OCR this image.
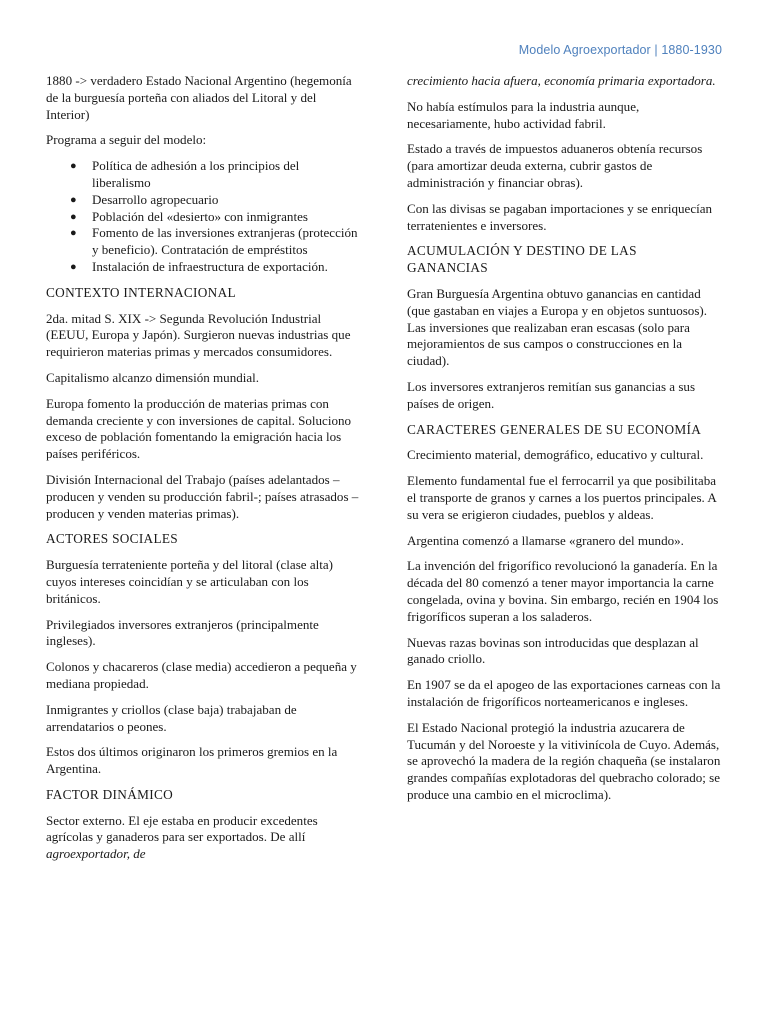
Modelo Agroexportador | 1880-1930

1880 -> verdadero Estado Nacional Argentino (hegemonía de la burguesía porteña con aliados del Litoral y del Interior)

Programa a seguir del modelo:

● Política de adhesión a los principios del liberalismo
● Desarrollo agropecuario
● Población del «desierto» con inmigrantes
● Fomento de las inversiones extranjeras (protección y beneficio). Contratación de empréstitos
● Instalación de infraestructura de exportación.

CONTEXTO INTERNACIONAL

2da. mitad S. XIX -> Segunda Revolución Industrial (EEUU, Europa y Japón). Surgieron nuevas industrias que requirieron materias primas y mercados consumidores.

Capitalismo alcanzo dimensión mundial.

Europa fomento la producción de materias primas con demanda creciente y con inversiones de capital. Soluciono exceso de población fomentando la emigración hacia los países periféricos.

División Internacional del Trabajo (países adelantados –producen y venden su producción fabril-; países atrasados –producen y venden materias primas).

ACTORES SOCIALES

Burguesía terrateniente porteña y del litoral (clase alta) cuyos intereses coincidían y se articulaban con los británicos.

Privilegiados inversores extranjeros (principalmente ingleses).

Colonos y chacareros (clase media) accedieron a pequeña y mediana propiedad.

Inmigrantes y criollos (clase baja) trabajaban de arrendatarios o peones.

Estos dos últimos originaron los primeros gremios en la Argentina.

FACTOR DINÁMICO

Sector externo. El eje estaba en producir excedentes agrícolas y ganaderos para ser exportados. De allí agroexportador, de

crecimiento hacia afuera, economía primaria exportadora.

No había estímulos para la industria aunque, necesariamente, hubo actividad fabril.

Estado a través de impuestos aduaneros obtenía recursos (para amortizar deuda externa, cubrir gastos de administración y financiar obras).

Con las divisas se pagaban importaciones y se enriquecían terratenientes e inversores.

ACUMULACIÓN Y DESTINO DE LAS GANANCIAS

Gran Burguesía Argentina obtuvo ganancias en cantidad (que gastaban en viajes a Europa y en objetos suntuosos). Las inversiones que realizaban eran escasas (solo para mejoramientos de sus campos o construcciones en la ciudad).

Los inversores extranjeros remitían sus ganancias a sus países de origen.

CARACTERES GENERALES DE SU ECONOMÍA

Crecimiento material, demográfico, educativo y cultural.

Elemento fundamental fue el ferrocarril ya que posibilitaba el transporte de granos y carnes a los puertos principales. A su vera se erigieron ciudades, pueblos y aldeas.

Argentina comenzó a llamarse «granero del mundo».

La invención del frigorífico revolucionó la ganadería. En la década del 80 comenzó a tener mayor importancia la carne congelada, ovina y bovina. Sin embargo, recién en 1904 los frigoríficos superan a los saladeros.

Nuevas razas bovinas son introducidas que desplazan al ganado criollo.

En 1907 se da el apogeo de las exportaciones carneas con la instalación de frigoríficos norteamericanos e ingleses.

El Estado Nacional protegió la industria azucarera de Tucumán y del Noroeste y la vitivinícola de Cuyo. Además, se aprovechó la madera de la región chaqueña (se instalaron grandes compañías explotadoras del quebracho colorado; se produce una cambio en el microclima).
